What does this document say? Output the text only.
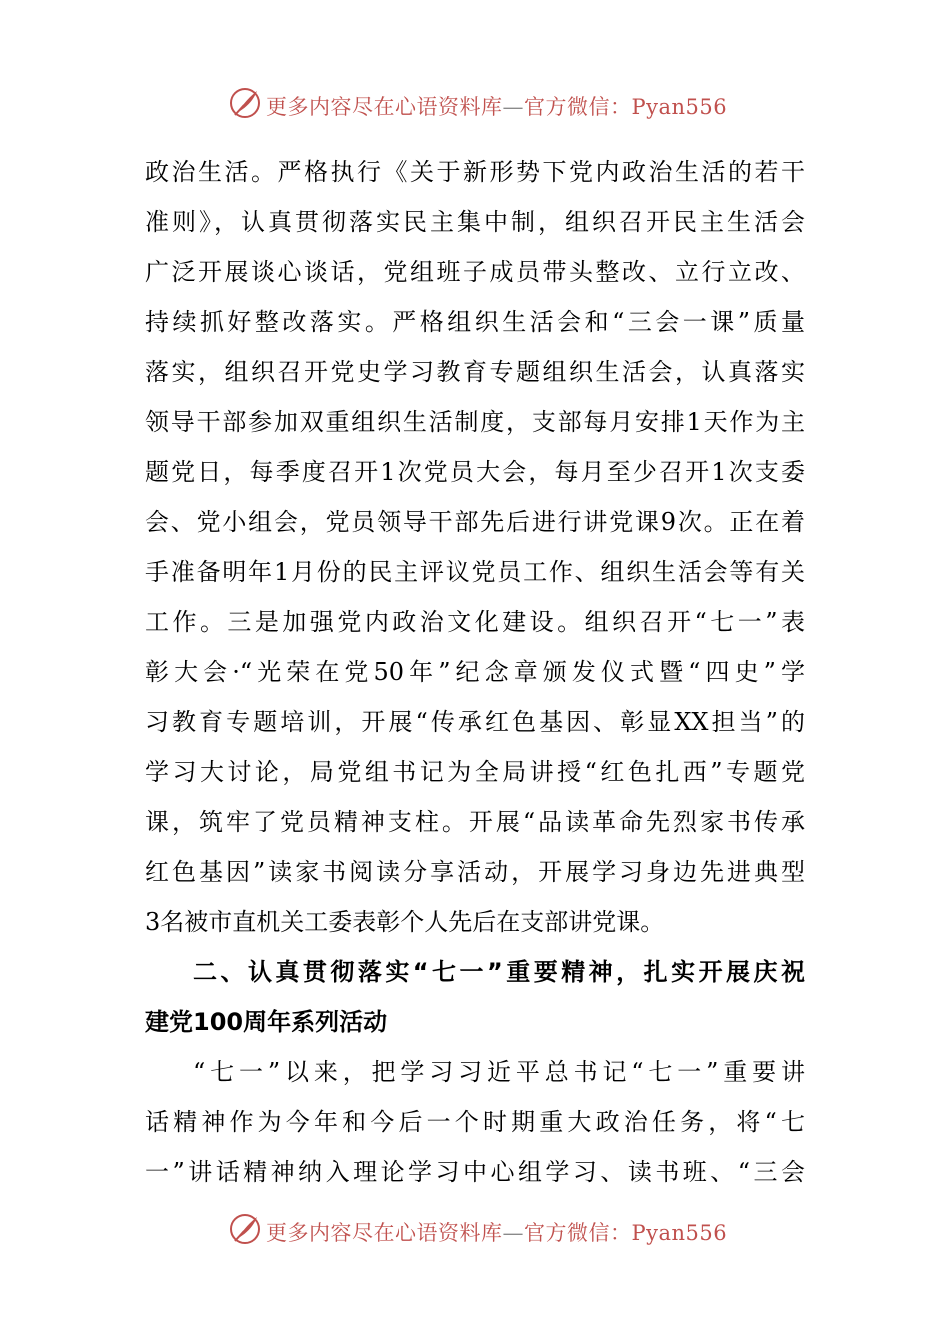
更多内容尽在心语资料库—官方微信：Pyan556
政治生活。严格执行《关于新形势下党内政治生活的若干
准则》，认真贯彻落实民主集中制，组织召开民主生活会
广泛开展谈心谈话，党组班子成员带头整改、立行立改、
持续抓好整改落实。严格组织生活会和“三会一课”质量
落实，组织召开党史学习教育专题组织生活会，认真落实
领导干部参加双重组织生活制度，支部每月安排1天作为主
题党日，每季度召开1次党员大会，每月至少召开1次支委
会、党小组会，党员领导干部先后进行讲党课9次。正在着
手准备明年1月份的民主评议党员工作、组织生活会等有关
工作。三是加强党内政治文化建设。组织召开“七一”表
彰大会·“光荣在党50年”纪念章颁发仪式暨“四史”学
习教育专题培训，开展“传承红色基因、彰显XX担当”的
学习大讨论，局党组书记为全局讲授“红色扎西”专题党
课，筑牢了党员精神支柱。开展“品读革命先烈家书传承
红色基因”读家书阅读分享活动，开展学习身边先进典型
3名被市直机关工委表彰个人先后在支部讲党课。
二、认真贯彻落实“七一”重要精神，扎实开展庆祝
建党100周年系列活动
“七一”以来，把学习习近平总书记“七一”重要讲
话精神作为今年和今后一个时期重大政治任务，将“七
一”讲话精神纳入理论学习中心组学习、读书班、“三会
更多内容尽在心语资料库—官方微信：Pyan556
